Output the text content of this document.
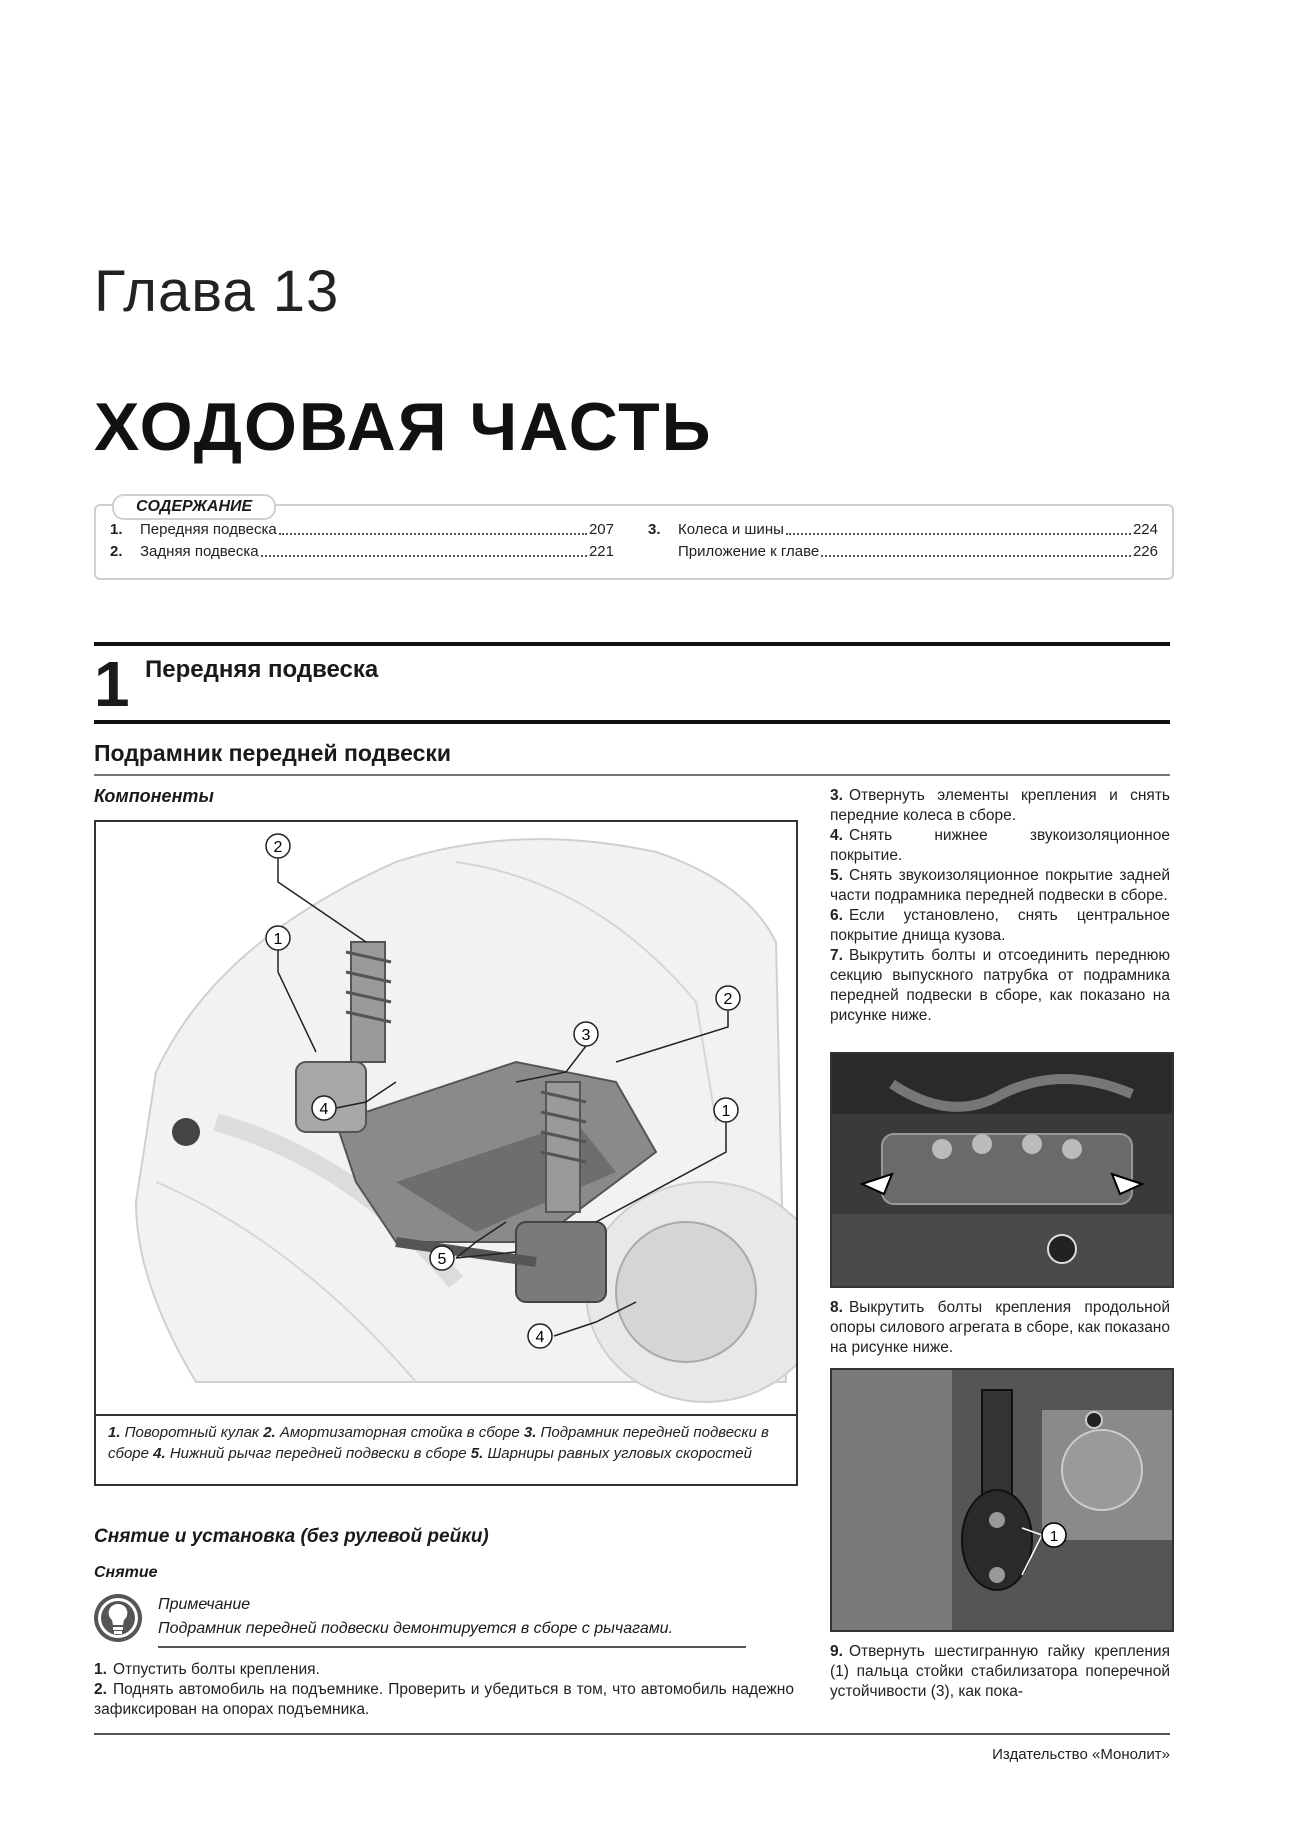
Глава 13
ХОДОВАЯ ЧАСТЬ
СОДЕРЖАНИЕ
1.	Передняя подвеска	207
2.	Задняя подвеска	221
3.	Колеса и шины	224
Приложение к главе	226
1 Передняя подвеска
Подрамник передней подвески
Компоненты
2
1
3
4
2
1
5
4
1. Поворотный кулак 2. Амортизаторная стойка в сборе 3. Подрамник передней подвески в сборе 4. Нижний рычаг передней подвески в сборе 5. Шарниры равных угловых скоростей
Снятие и установка (без рулевой рейки)
Снятие
Примечание
Подрамник передней подвески демонтируется в сборе с рычагами.
1. Отпустить болты крепления.
2. Поднять автомобиль на подъемнике. Проверить и убедиться в том, что автомобиль надежно зафиксирован на опорах подъемника.
3. Отвернуть элементы крепления и снять передние колеса в сборе.
4. Снять нижнее звукоизоляционное покрытие.
5. Снять звукоизоляционное покрытие задней части подрамника передней подвески в сборе.
6. Если установлено, снять центральное покрытие днища кузова.
7. Выкрутить болты и отсоединить переднюю секцию выпускного патрубка от подрамника передней подвески в сборе, как показано на рисунке ниже.
8. Выкрутить болты крепления продольной опоры силового агрегата в сборе, как показано на рисунке ниже.
1
9. Отвернуть шестигранную гайку крепления (1) пальца стойки стабилизатора поперечной устойчивости (3), как пока-
Издательство «Монолит»
